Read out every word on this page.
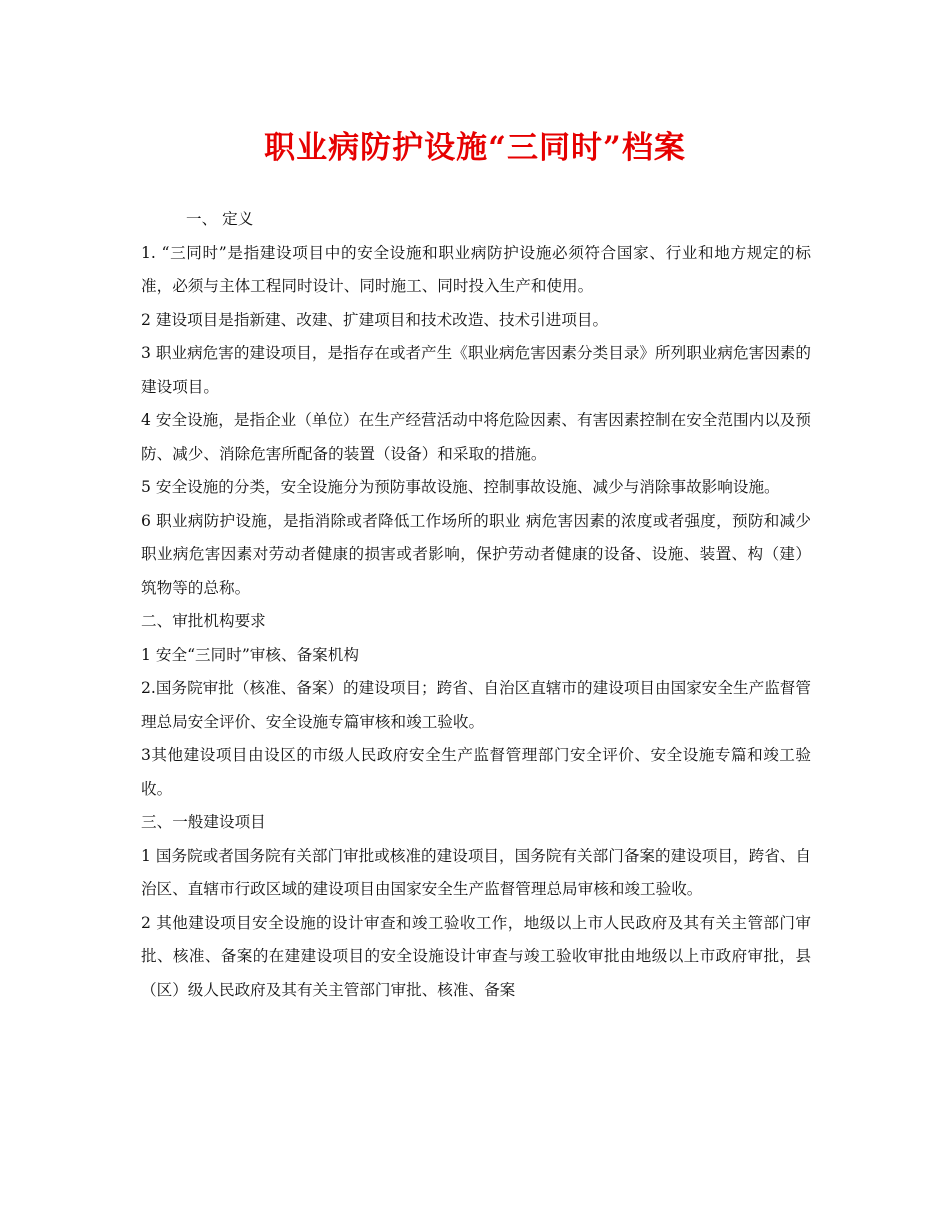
职业病防护设施“三同时”档案

一、 定义

1. “三同时”是指建设项目中的安全设施和职业病防护设施必须符合国家、行业和地方规定的标准，必须与主体工程同时设计、同时施工、同时投入生产和使用。

2 建设项目是指新建、改建、扩建项目和技术改造、技术引进项目。

3 职业病危害的建设项目，是指存在或者产生《职业病危害因素分类目录》所列职业病危害因素的建设项目。

4 安全设施，是指企业（单位）在生产经营活动中将危险因素、有害因素控制在安全范围内以及预防、减少、消除危害所配备的装置（设备）和采取的措施。

5 安全设施的分类，安全设施分为预防事故设施、控制事故设施、减少与消除事故影响设施。

6 职业病防护设施，是指消除或者降低工作场所的职业 病危害因素的浓度或者强度，预防和减少职业病危害因素对劳动者健康的损害或者影响，保护劳动者健康的设备、设施、装置、构（建）筑物等的总称。

二、审批机构要求

1 安全“三同时”审核、备案机构

2.国务院审批（核准、备案）的建设项目；跨省、自治区直辖市的建设项目由国家安全生产监督管理总局安全评价、安全设施专篇审核和竣工验收。

3其他建设项目由设区的市级人民政府安全生产监督管理部门安全评价、安全设施专篇和竣工验收。

三、一般建设项目

1 国务院或者国务院有关部门审批或核准的建设项目，国务院有关部门备案的建设项目，跨省、自治区、直辖市行政区域的建设项目由国家安全生产监督管理总局审核和竣工验收。

2 其他建设项目安全设施的设计审查和竣工验收工作，地级以上市人民政府及其有关主管部门审批、核准、备案的在建建设项目的安全设施设计审查与竣工验收审批由地级以上市政府审批，县（区）级人民政府及其有关主管部门审批、核准、备案
